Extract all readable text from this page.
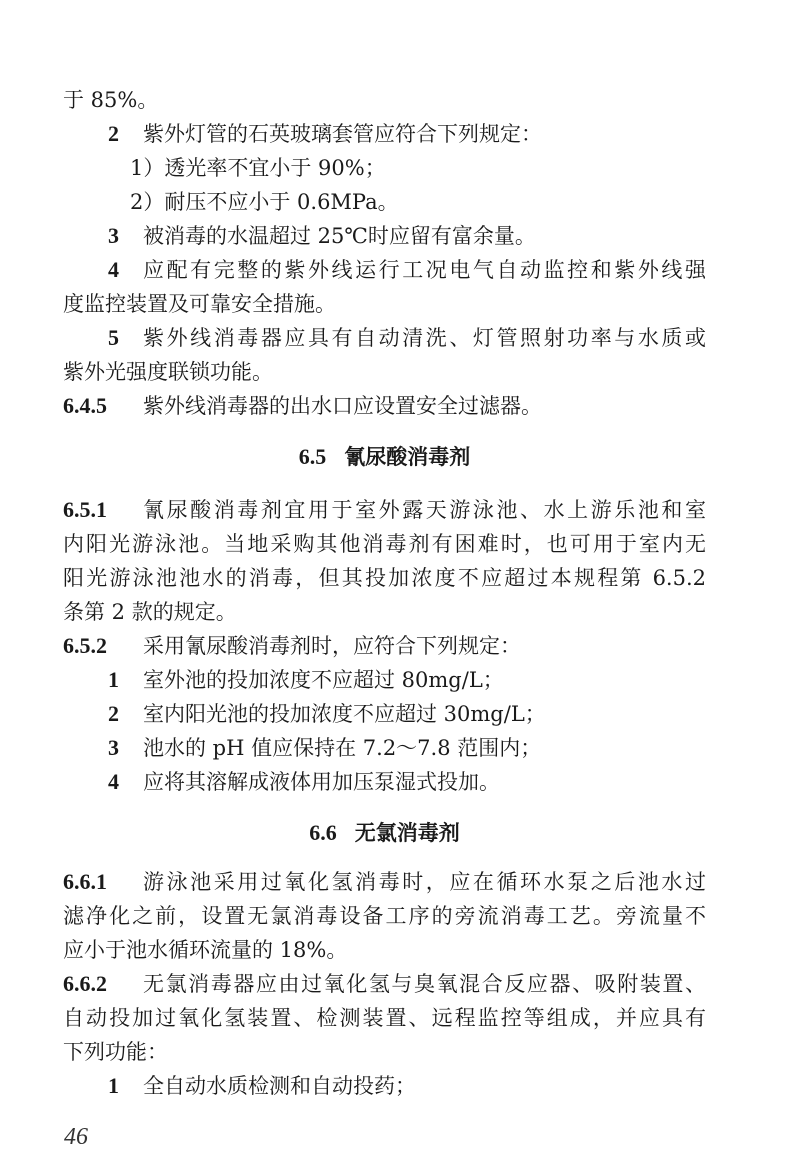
于 85%。
2 紫外灯管的石英玻璃套管应符合下列规定：
1）透光率不宜小于 90%；
2）耐压不应小于 0.6MPa。
3 被消毒的水温超过 25℃时应留有富余量。
4 应配有完整的紫外线运行工况电气自动监控和紫外线强
度监控装置及可靠安全措施。
5 紫外线消毒器应具有自动清洗、灯管照射功率与水质或
紫外光强度联锁功能。
6.4.5 紫外线消毒器的出水口应设置安全过滤器。
6.5 氰尿酸消毒剂
6.5.1 氰尿酸消毒剂宜用于室外露天游泳池、水上游乐池和室
内阳光游泳池。当地采购其他消毒剂有困难时，也可用于室内无
阳光游泳池池水的消毒，但其投加浓度不应超过本规程第 6.5.2
条第 2 款的规定。
6.5.2 采用氰尿酸消毒剂时，应符合下列规定：
1 室外池的投加浓度不应超过 80mg/L；
2 室内阳光池的投加浓度不应超过 30mg/L；
3 池水的 pH 值应保持在 7.2～7.8 范围内；
4 应将其溶解成液体用加压泵湿式投加。
6.6 无氯消毒剂
6.6.1 游泳池采用过氧化氢消毒时，应在循环水泵之后池水过
滤净化之前，设置无氯消毒设备工序的旁流消毒工艺。旁流量不
应小于池水循环流量的 18%。
6.6.2 无氯消毒器应由过氧化氢与臭氧混合反应器、吸附装置、
自动投加过氧化氢装置、检测装置、远程监控等组成，并应具有
下列功能：
1 全自动水质检测和自动投药；
46
